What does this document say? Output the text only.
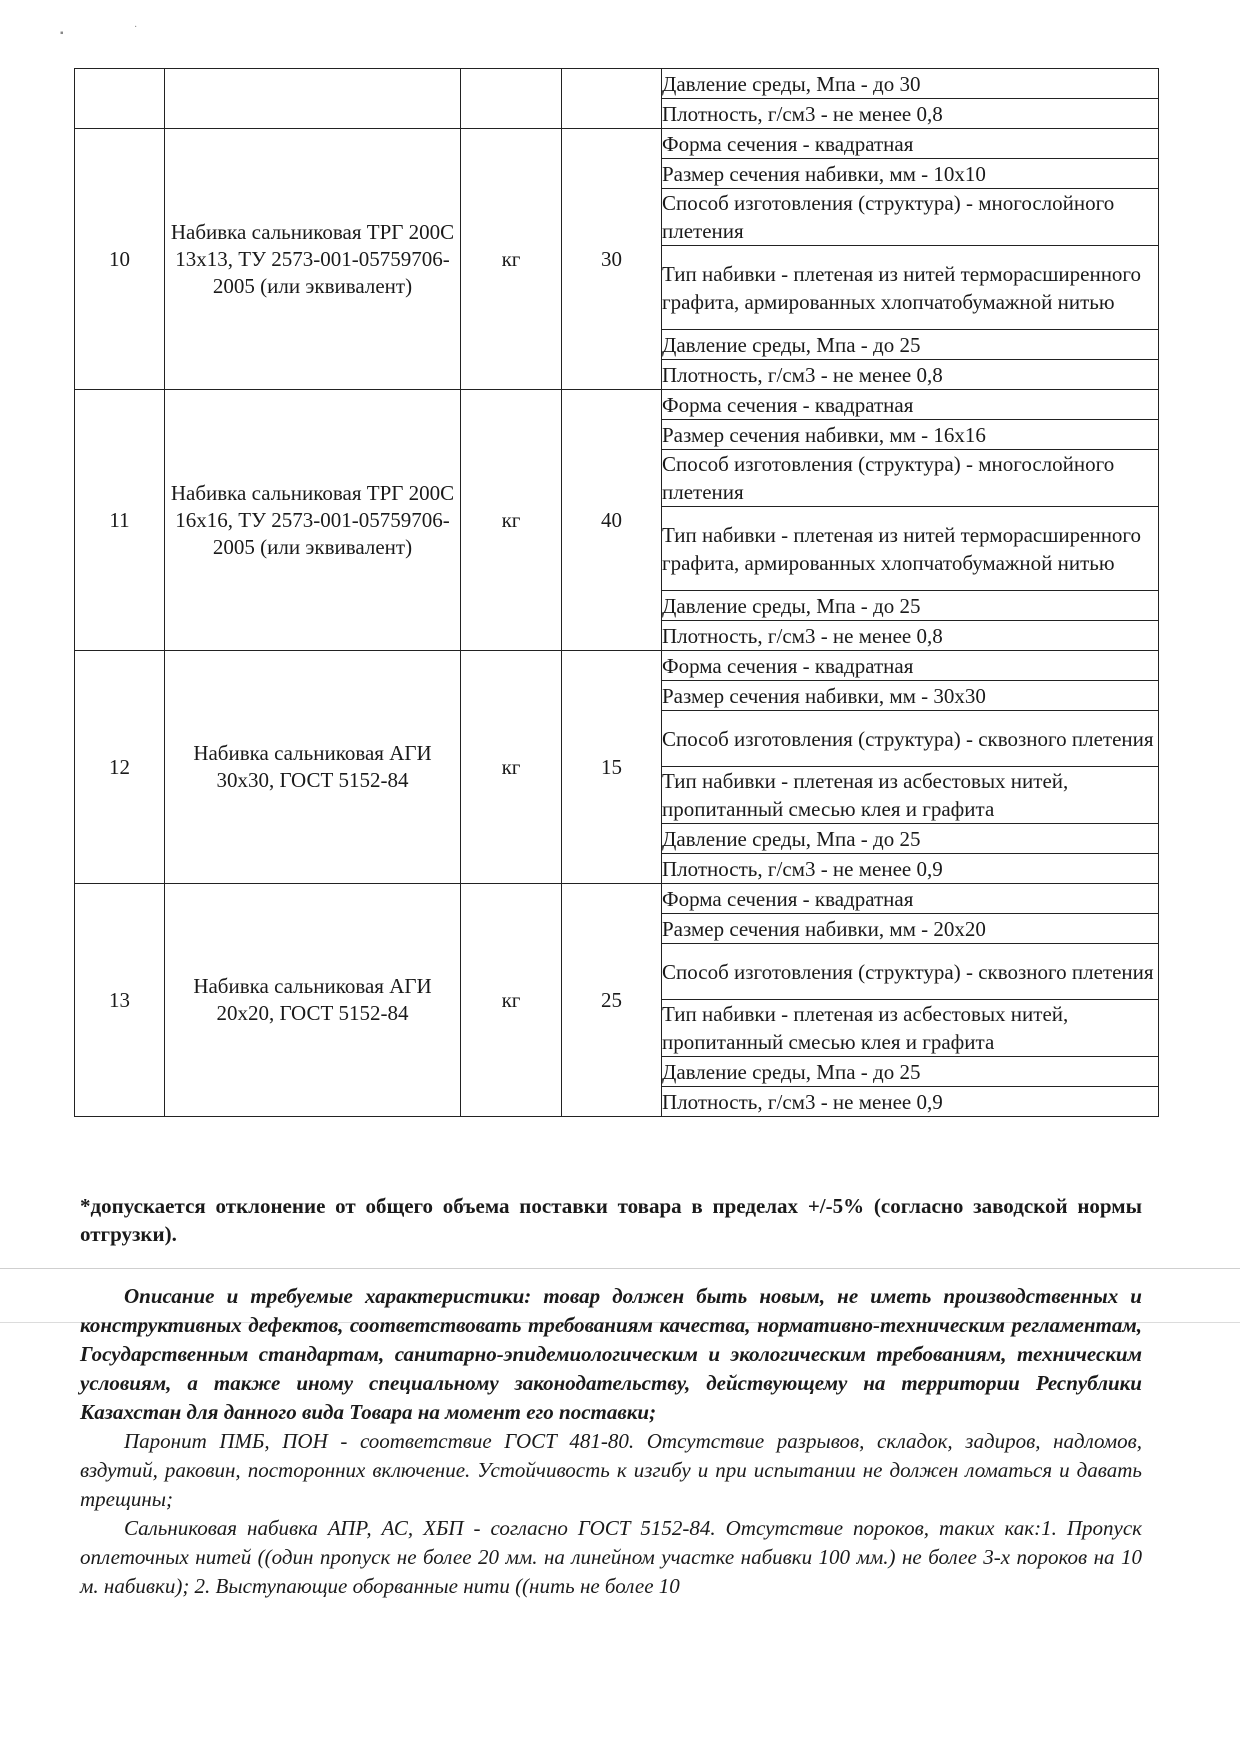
▪
·
				Давление среды, Мпа - до 30
				Плотность, г/см3 - не менее 0,8
10	Набивка сальниковая ТРГ 200С 13х13, ТУ 2573-001-05759706-2005 (или эквивалент)	кг	30	Форма сечения - квадратная
				Размер сечения набивки, мм - 10х10
				Способ изготовления (структура) - многослойного плетения
				Тип набивки - плетеная из нитей терморасширенного графита, армированных хлопчатобумажной нитью
				Давление среды, Мпа - до 25
				Плотность, г/см3 - не менее 0,8
11	Набивка сальниковая ТРГ 200С 16х16, ТУ 2573-001-05759706-2005 (или эквивалент)	кг	40	Форма сечения - квадратная
				Размер сечения набивки, мм - 16х16
				Способ изготовления (структура) - многослойного плетения
				Тип набивки - плетеная из нитей терморасширенного графита, армированных хлопчатобумажной нитью
				Давление среды, Мпа - до 25
				Плотность, г/см3 - не менее 0,8
12	Набивка сальниковая АГИ 30х30, ГОСТ 5152-84	кг	15	Форма сечения - квадратная
				Размер сечения набивки, мм - 30х30
				Способ изготовления (структура) - сквозного плетения
				Тип набивки - плетеная из асбестовых нитей, пропитанный смесью клея и графита
				Давление среды, Мпа - до 25
				Плотность, г/см3 - не менее 0,9
13	Набивка сальниковая АГИ 20х20, ГОСТ 5152-84	кг	25	Форма сечения - квадратная
				Размер сечения набивки, мм - 20х20
				Способ изготовления (структура) - сквозного плетения
				Тип набивки - плетеная из асбестовых нитей, пропитанный смесью клея и графита
				Давление среды, Мпа - до 25
				Плотность, г/см3 - не менее 0,9
*допускается отклонение от общего объема поставки товара в пределах +/-5% (согласно заводской нормы отгрузки).

Описание и требуемые характеристики: товар должен быть новым, не иметь производственных и конструктивных дефектов, соответствовать требованиям качества, нормативно-техническим регламентам, Государственным стандартам, санитарно-эпидемиологическим и экологическим требованиям, техническим условиям, а также иному специальному законодательству, действующему на территории Республики Казахстан для данного вида Товара на момент его поставки;

Паронит ПМБ, ПОН - соответствие ГОСТ 481-80. Отсутствие разрывов, складок, задиров, надломов, вздутий, раковин, посторонних включение. Устойчивость к изгибу и при испытании не должен ломаться и давать трещины;

Сальниковая набивка АПР, АС, ХБП - согласно ГОСТ 5152-84. Отсутствие пороков, таких как:1. Пропуск оплеточных нитей ((один пропуск не более 20 мм. на линейном участке набивки 100 мм.) не более 3-х пороков на 10 м. набивки); 2. Выступающие оборванные нити ((нить не более 10
